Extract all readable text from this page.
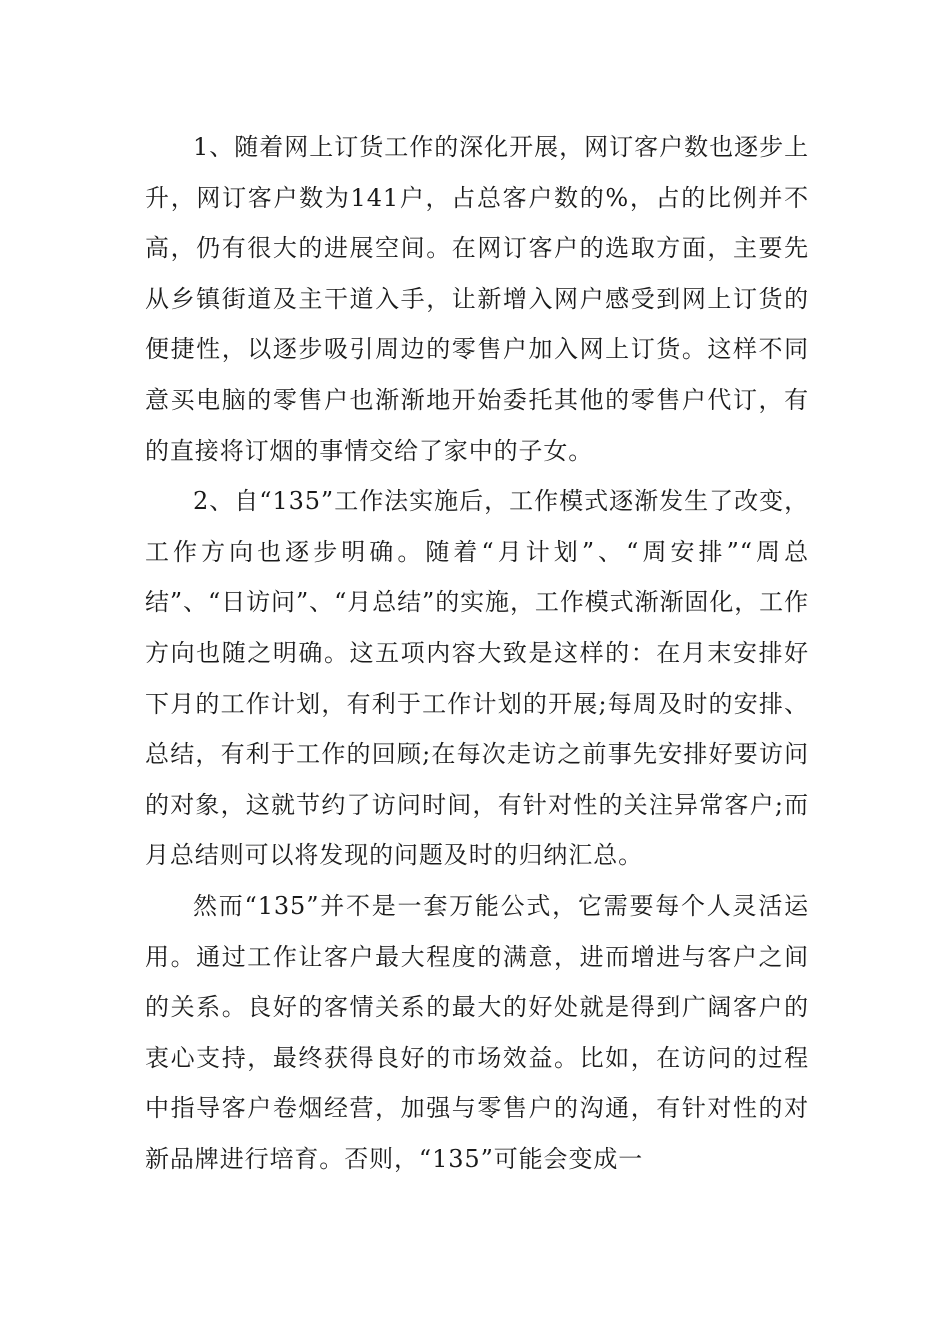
1、随着网上订货工作的深化开展，网订客户数也逐步上升，网订客户数为141户，占总客户数的%，占的比例并不高，仍有很大的进展空间。在网订客户的选取方面，主要先从乡镇街道及主干道入手，让新增入网户感受到网上订货的便捷性，以逐步吸引周边的零售户加入网上订货。这样不同意买电脑的零售户也渐渐地开始委托其他的零售户代订，有的直接将订烟的事情交给了家中的子女。

2、自“135”工作法实施后，工作模式逐渐发生了改变，工作方向也逐步明确。随着“月计划”、“周安排”“周总结”、“日访问”、“月总结”的实施，工作模式渐渐固化，工作方向也随之明确。这五项内容大致是这样的：在月末安排好下月的工作计划，有利于工作计划的开展;每周及时的安排、总结，有利于工作的回顾;在每次走访之前事先安排好要访问的对象，这就节约了访问时间，有针对性的关注异常客户;而月总结则可以将发现的问题及时的归纳汇总。

然而“135”并不是一套万能公式，它需要每个人灵活运用。通过工作让客户最大程度的满意，进而增进与客户之间的关系。良好的客情关系的最大的好处就是得到广阔客户的衷心支持，最终获得良好的市场效益。比如，在访问的过程中指导客户卷烟经营，加强与零售户的沟通，有针对性的对新品牌进行培育。否则，“135”可能会变成一
